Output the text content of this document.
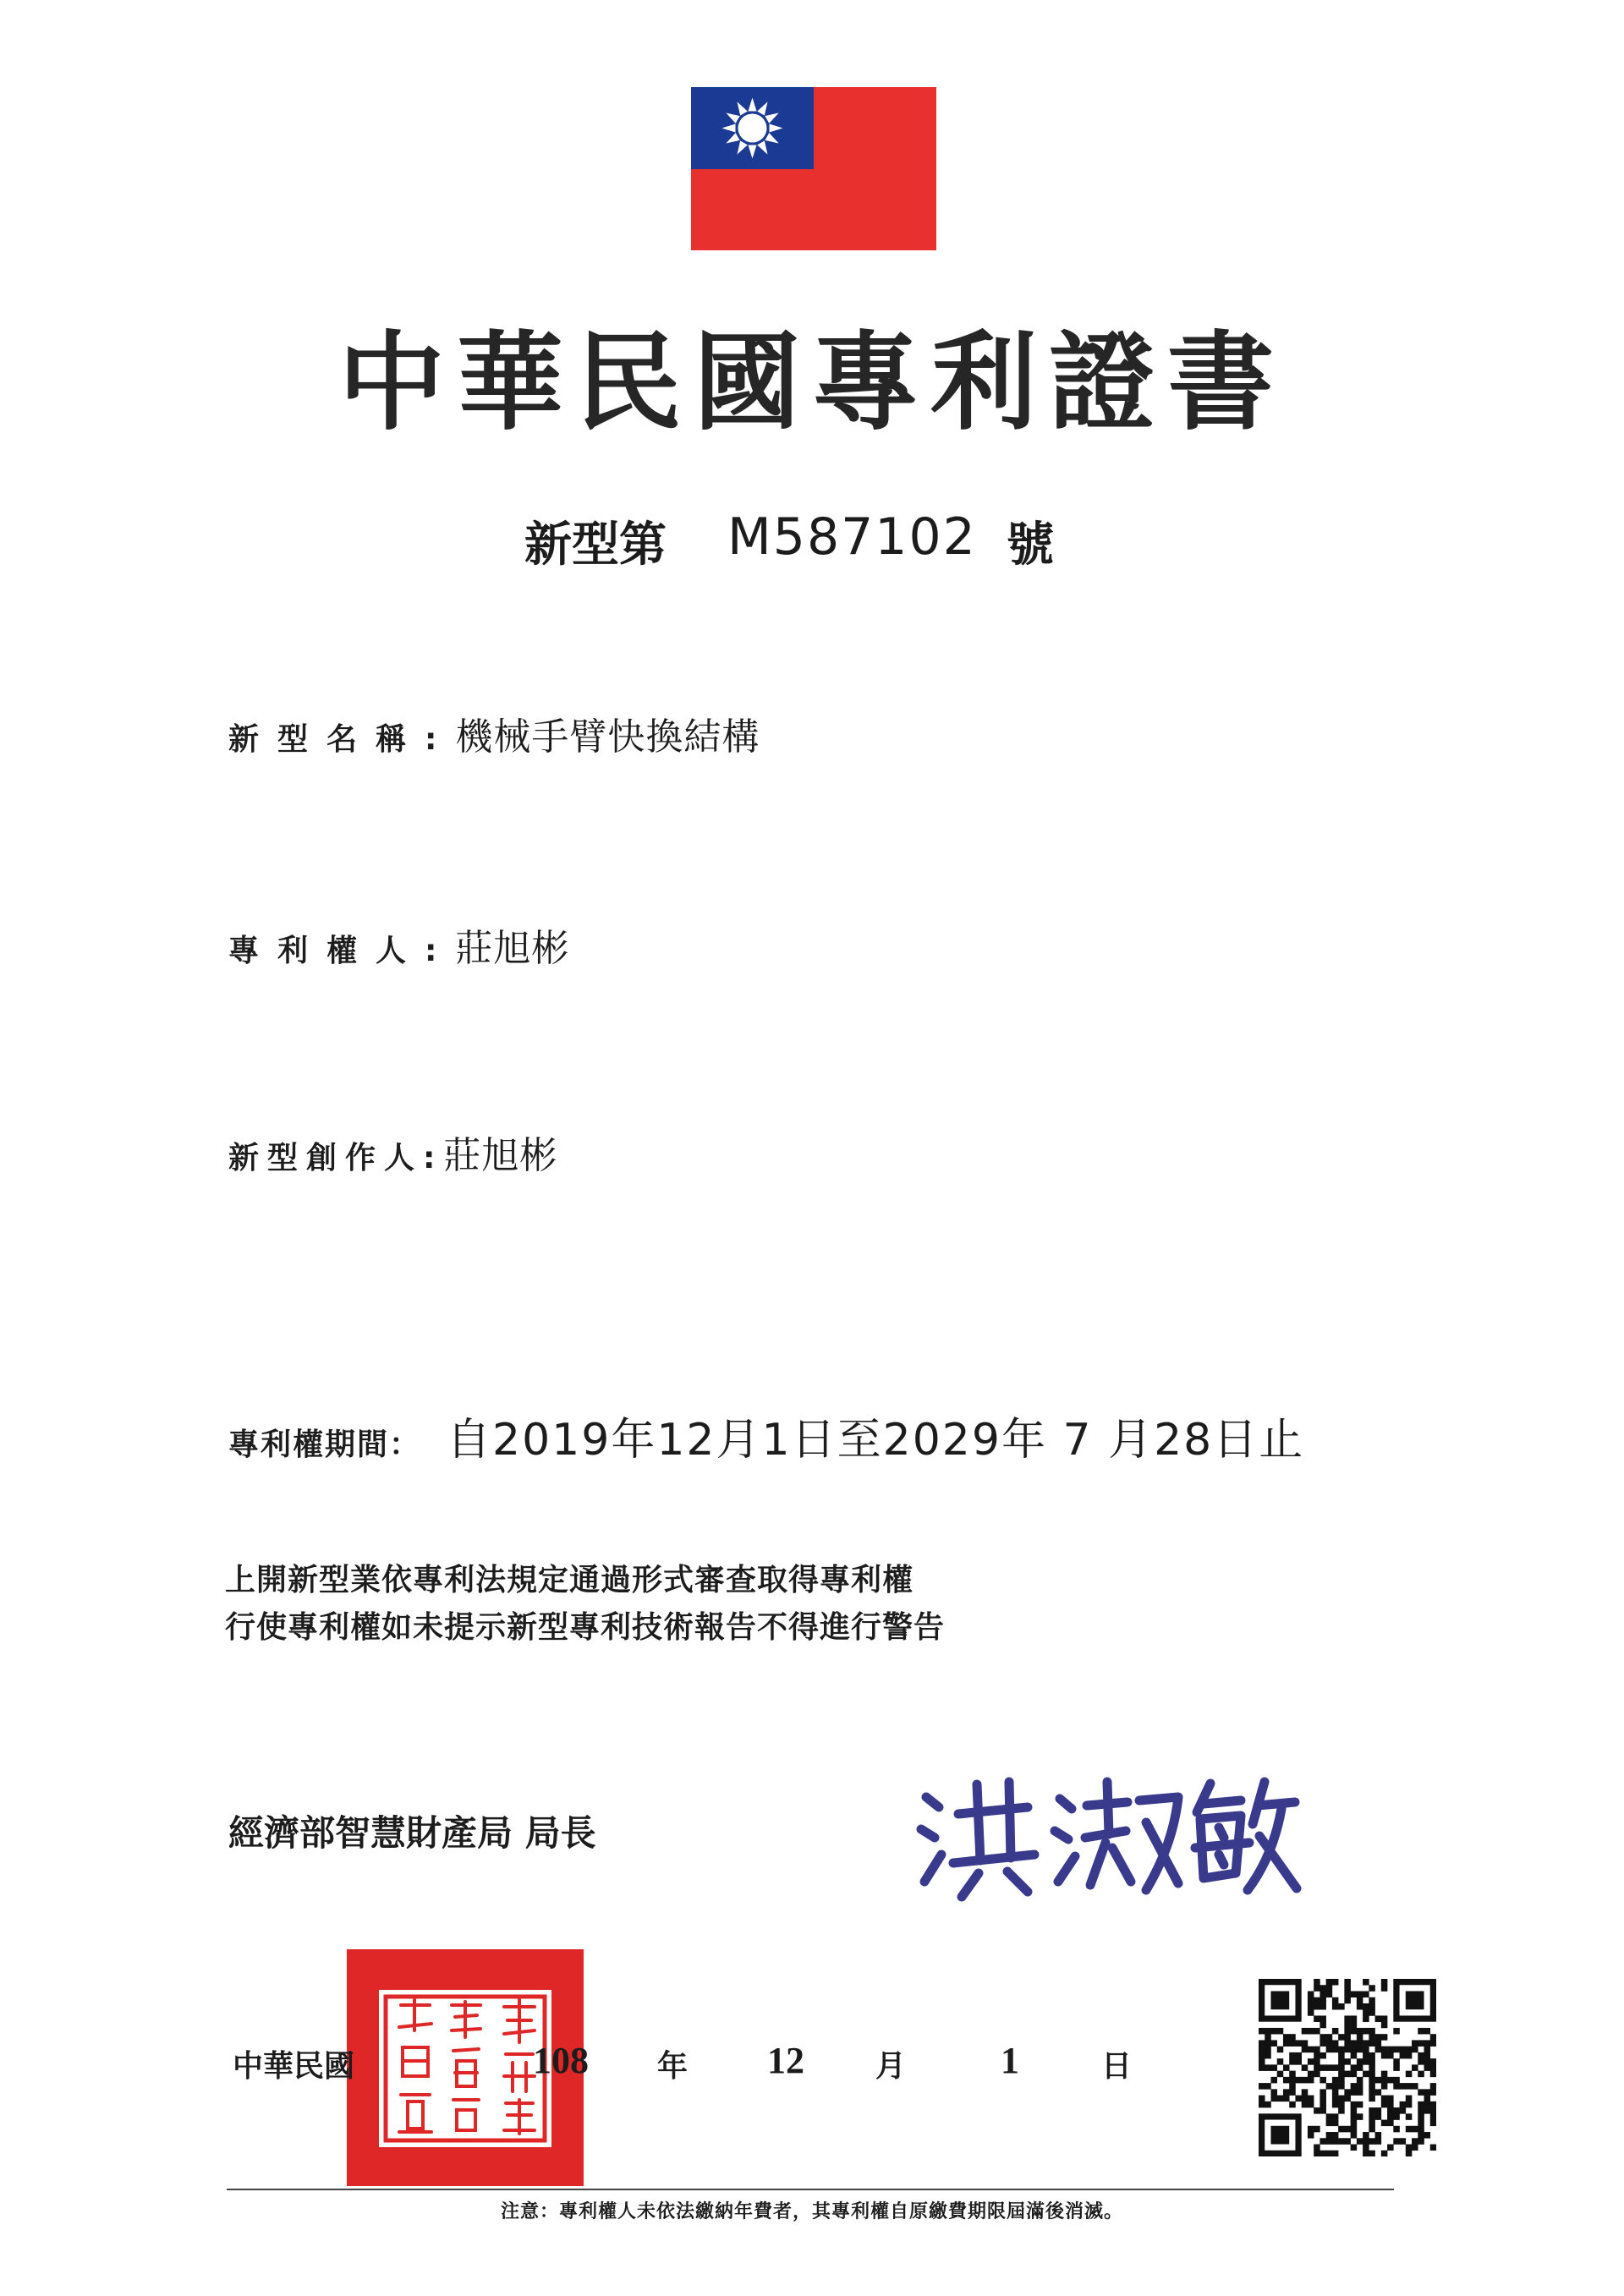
中華民國專利證書
新型第 M587102 號
新型名稱:機械手臂快換結構
專利權人:莊旭彬
新型創作人:莊旭彬
專利權期間： 自2019年12月1日至2029年 7 月28日止
上開新型業依專利法規定通過形式審查取得專利權
行使專利權如未提示新型專利技術報告不得進行警告
經濟部智慧財產局 局長
中華民國	108 年 12 月	1	日
注意：專利權人未依法繳納年費者，其專利權自原繳費期限屆滿後消滅。
